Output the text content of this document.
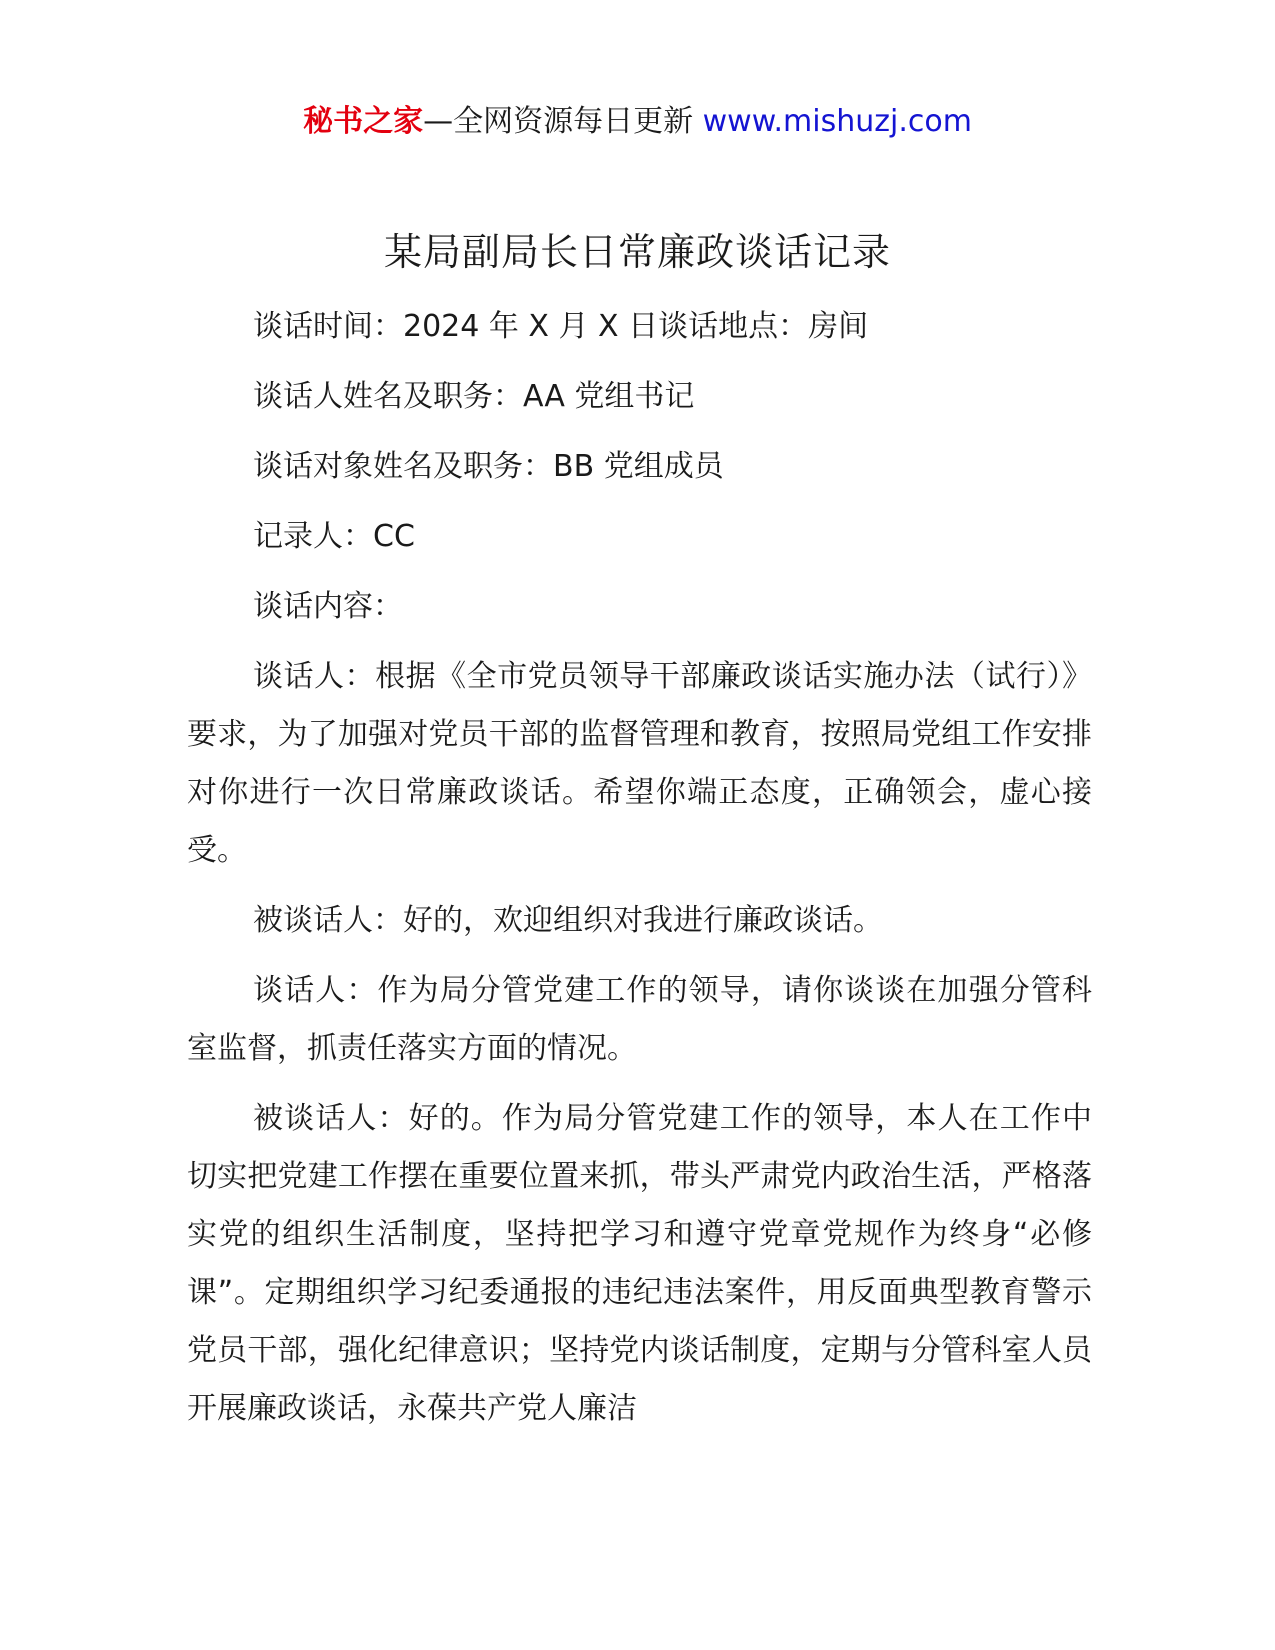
秘书之家—全网资源每日更新 www.mishuzj.com
某局副局长日常廉政谈话记录

谈话时间：2024 年 X 月 X 日谈话地点：房间

谈话人姓名及职务：AA 党组书记

谈话对象姓名及职务：BB 党组成员

记录人：CC

谈话内容：

谈话人：根据《全市党员领导干部廉政谈话实施办法（试行）》要求，为了加强对党员干部的监督管理和教育，按照局党组工作安排对你进行一次日常廉政谈话。希望你端正态度，正确领会，虚心接受。

被谈话人：好的，欢迎组织对我进行廉政谈话。

谈话人：作为局分管党建工作的领导，请你谈谈在加强分管科室监督，抓责任落实方面的情况。

被谈话人：好的。作为局分管党建工作的领导，本人在工作中切实把党建工作摆在重要位置来抓，带头严肃党内政治生活，严格落实党的组织生活制度，坚持把学习和遵守党章党规作为终身“必修课”。定期组织学习纪委通报的违纪违法案件，用反面典型教育警示党员干部，强化纪律意识；坚持党内谈话制度，定期与分管科室人员开展廉政谈话，永葆共产党人廉洁
